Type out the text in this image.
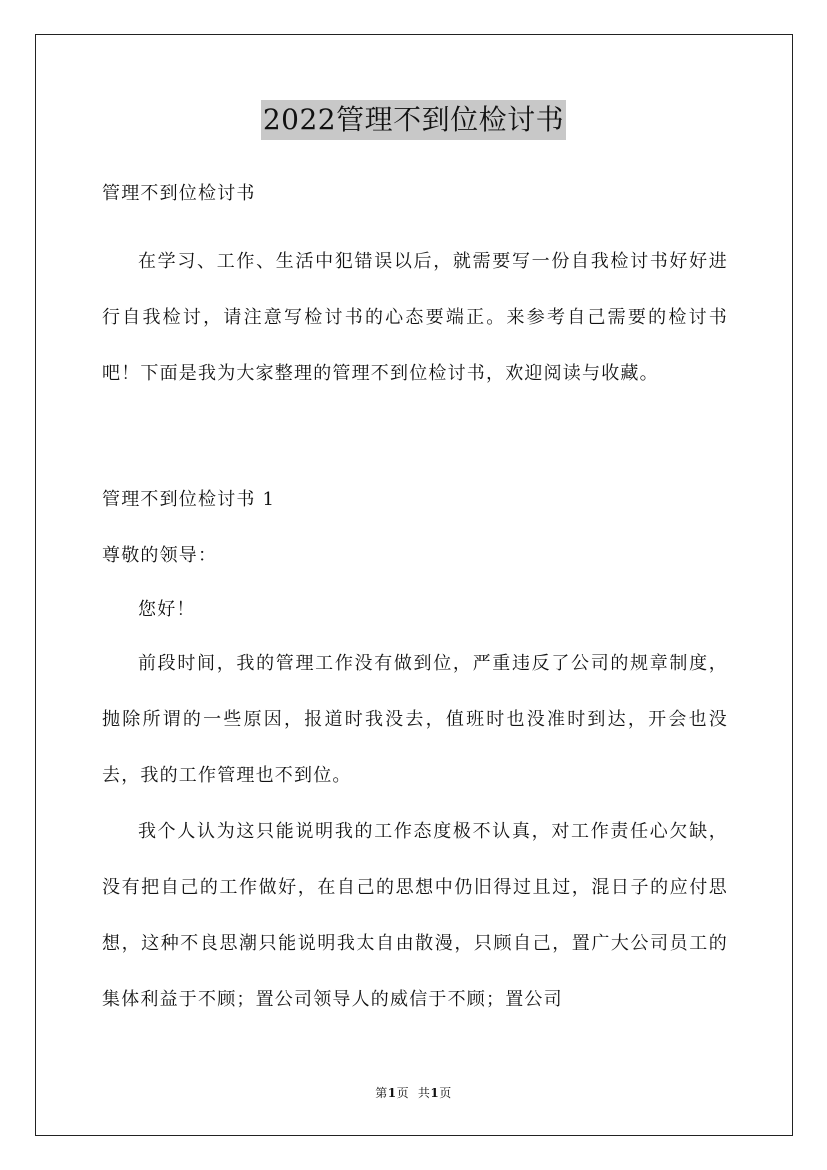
2022管理不到位检讨书
管理不到位检讨书

在学习、工作、生活中犯错误以后，就需要写一份自我检讨书好好进行自我检讨，请注意写检讨书的心态要端正。来参考自己需要的检讨书吧！下面是我为大家整理的管理不到位检讨书，欢迎阅读与收藏。

管理不到位检讨书 1
尊敬的领导：
您好！

前段时间，我的管理工作没有做到位，严重违反了公司的规章制度，抛除所谓的一些原因，报道时我没去，值班时也没准时到达，开会也没去，我的工作管理也不到位。

我个人认为这只能说明我的工作态度极不认真，对工作责任心欠缺，没有把自己的工作做好，在自己的思想中仍旧得过且过，混日子的应付思想，这种不良思潮只能说明我太自由散漫，只顾自己，置广大公司员工的集体利益于不顾；置公司领导人的威信于不顾；置公司

第1页 共1页
